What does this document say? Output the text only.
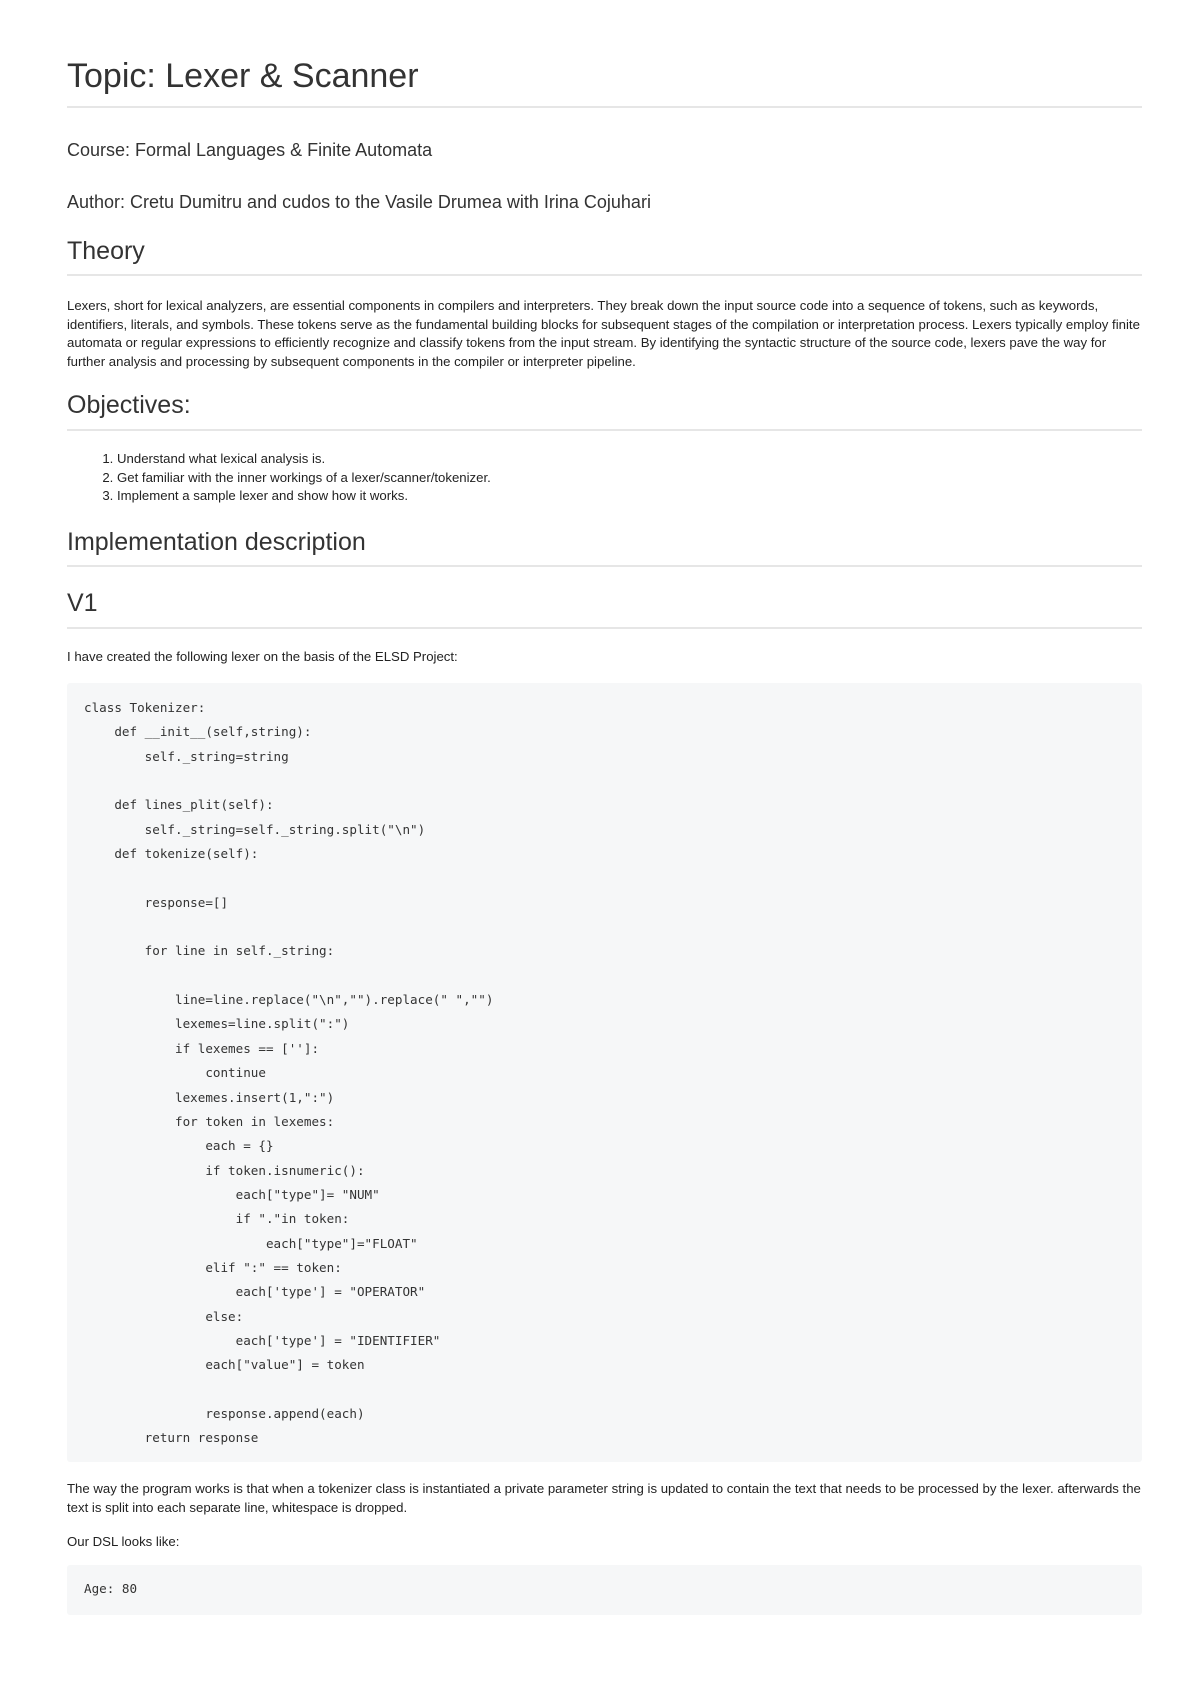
Topic: Lexer & Scanner
Course: Formal Languages & Finite Automata
Author: Cretu Dumitru and cudos to the Vasile Drumea with Irina Cojuhari
Theory

Lexers, short for lexical analyzers, are essential components in compilers and interpreters. They break down the input source code into a sequence of tokens, such as keywords, identifiers, literals, and symbols. These tokens serve as the fundamental building blocks for subsequent stages of the compilation or interpretation process. Lexers typically employ finite automata or regular expressions to efficiently recognize and classify tokens from the input stream. By identifying the syntactic structure of the source code, lexers pave the way for further analysis and processing by subsequent components in the compiler or interpreter pipeline.

Objectives:
1. Understand what lexical analysis is.
2. Get familiar with the inner workings of a lexer/scanner/tokenizer.
3. Implement a sample lexer and show how it works.
Implementation description
V1

I have created the following lexer on the basis of the ELSD Project:

class Tokenizer:
def __init__(self,string):
self._string=string

def lines_plit(self):
self._string=self._string.split("\n")
def tokenize(self):

response=[]

for line in self._string:

line=line.replace("\n","").replace(" ","")
lexemes=line.split(":")
if lexemes == ['']:
continue
lexemes.insert(1,":")
for token in lexemes:
each = {}
if token.isnumeric():
each["type"]= "NUM"
if "."in token:
each["type"]="FLOAT"
elif ":" == token:
each['type'] = "OPERATOR"
else:
each['type'] = "IDENTIFIER"
each["value"] = token

response.append(each)
return response

The way the program works is that when a tokenizer class is instantiated a private parameter string is updated to contain the text that needs to be processed by the lexer. afterwards the text is split into each separate line, whitespace is dropped.

Our DSL looks like:

Age: 80
